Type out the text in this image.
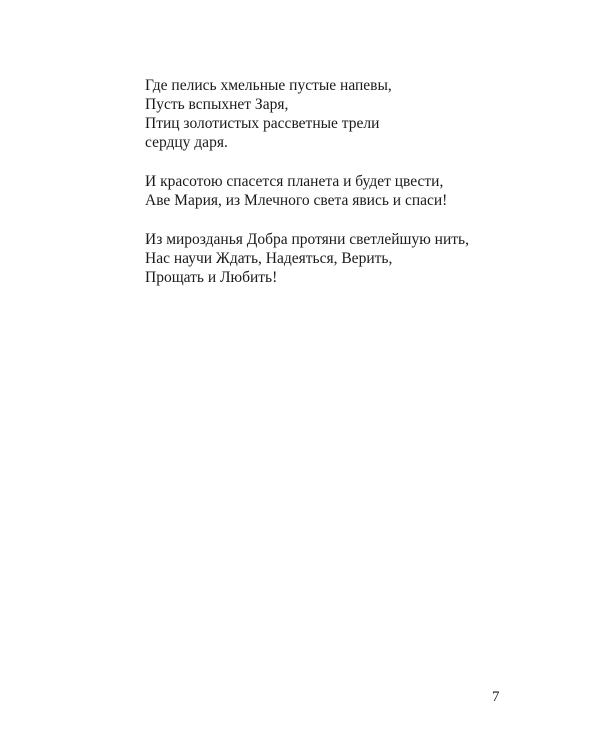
Где пелись хмельные пустые напевы,
Пусть вспыхнет Заря,
Птиц золотистых рассветные трели
сердцу даря.
И красотою спасется планета и будет цвести,
Аве Мария, из Млечного света явись и спаси!
Из мирозданья Добра протяни светлейшую нить,
Нас научи Ждать, Надеяться, Верить,
Прощать и Любить!
7
